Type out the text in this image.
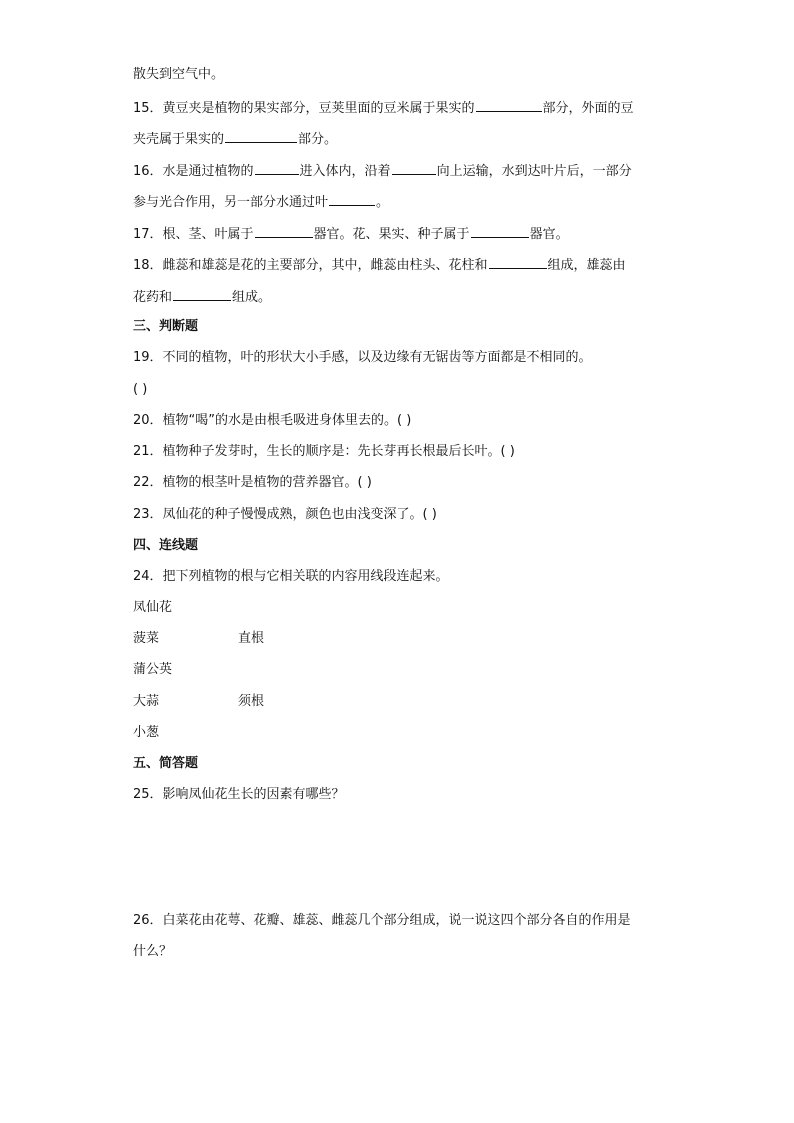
散失到空气中。
15．黄豆夹是植物的果实部分，豆荚里面的豆米属于果实的	部分，外面的豆
夹壳属于果实的	部分。
16．水是通过植物的	进入体内，沿着	向上运输，水到达叶片后，一部分
参与光合作用，另一部分水通过叶	。
17．根、茎、叶属于	器官。花、果实、种子属于	器官。
18．雌蕊和雄蕊是花的主要部分，其中，雌蕊由柱头、花柱和	组成，雄蕊由
花药和	组成。
三、判断题
19．不同的植物，叶的形状大小手感，以及边缘有无锯齿等方面都是不相同的。
( )
20．植物“喝”的水是由根毛吸进身体里去的。( )
21．植物种子发芽时，生长的顺序是：先长芽再长根最后长叶。( )
22．植物的根茎叶是植物的营养器官。( )
23．凤仙花的种子慢慢成熟，颜色也由浅变深了。( )
四、连线题
24．把下列植物的根与它相关联的内容用线段连起来。
凤仙花
菠菜	直根
蒲公英
大蒜	须根
小葱
五、简答题
25．影响凤仙花生长的因素有哪些？
26．白菜花由花萼、花瓣、雄蕊、雌蕊几个部分组成，说一说这四个部分各自的作用是
什么？
